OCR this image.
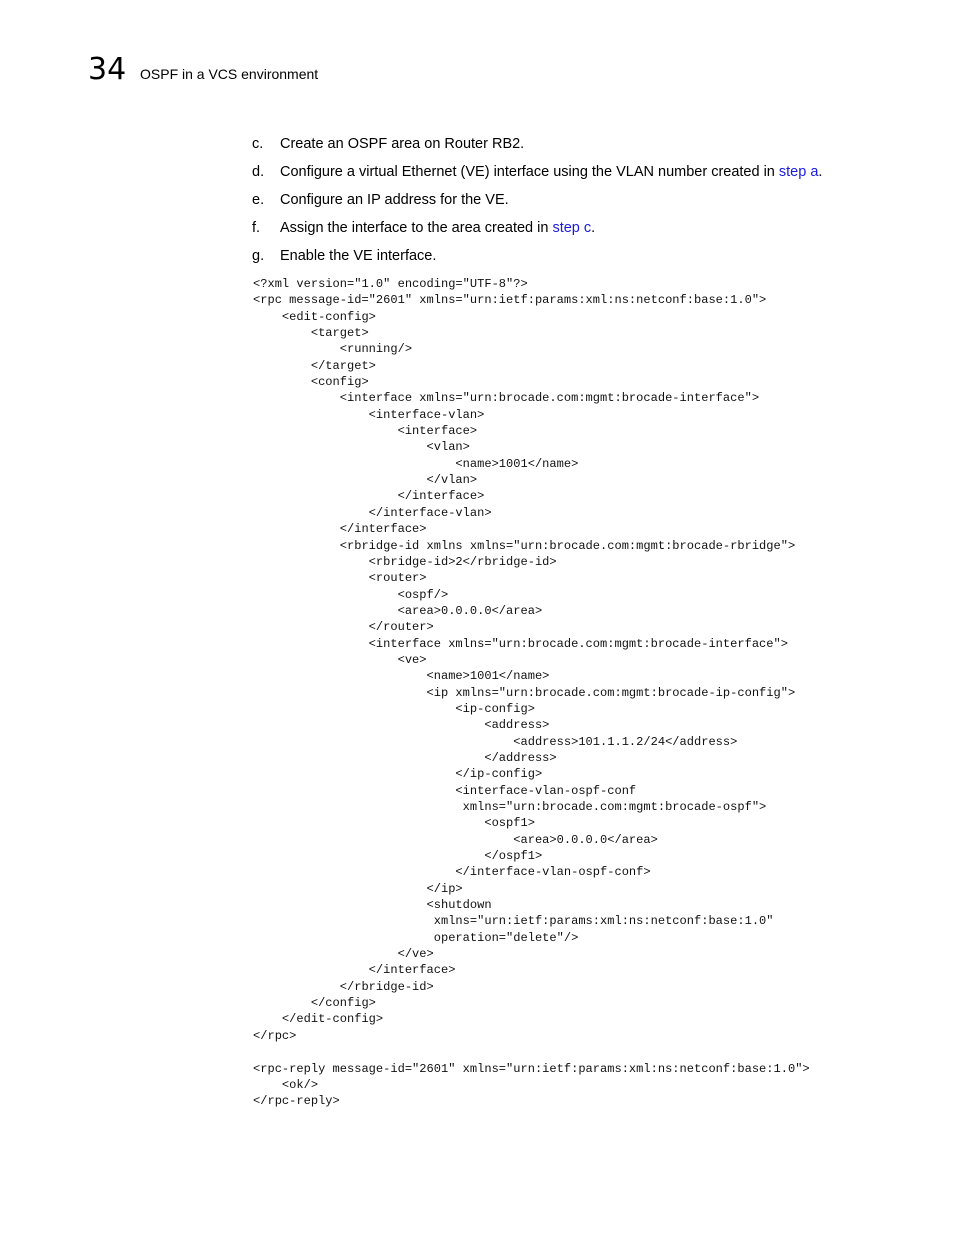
34 OSPF in a VCS environment
c. Create an OSPF area on Router RB2.
d. Configure a virtual Ethernet (VE) interface using the VLAN number created in step a.
e. Configure an IP address for the VE.
f. Assign the interface to the area created in step c.
g. Enable the VE interface.
<?xml version="1.0" encoding="UTF-8"?>
<rpc message-id="2601" xmlns="urn:ietf:params:xml:ns:netconf:base:1.0">
<edit-config>
<target>
<running/>
</target>
<config>
<interface xmlns="urn:brocade.com:mgmt:brocade-interface">
<interface-vlan>
<interface>
<vlan>
<name>1001</name>
</vlan>
</interface>
</interface-vlan>
</interface>
<rbridge-id xmlns xmlns="urn:brocade.com:mgmt:brocade-rbridge">
<rbridge-id>2</rbridge-id>
<router>
<ospf/>
<area>0.0.0.0</area>
</router>
<interface xmlns="urn:brocade.com:mgmt:brocade-interface">
<ve>
<name>1001</name>
<ip xmlns="urn:brocade.com:mgmt:brocade-ip-config">
<ip-config>
<address>
<address>101.1.1.2/24</address>
</address>
</ip-config>
<interface-vlan-ospf-conf
xmlns="urn:brocade.com:mgmt:brocade-ospf">
<ospf1>
<area>0.0.0.0</area>
</ospf1>
</interface-vlan-ospf-conf>
</ip>
<shutdown
xmlns="urn:ietf:params:xml:ns:netconf:base:1.0"
operation="delete"/>
</ve>
</interface>
</rbridge-id>
</config>
</edit-config>
</rpc>

<rpc-reply message-id="2601" xmlns="urn:ietf:params:xml:ns:netconf:base:1.0">
<ok/>
</rpc-reply>
